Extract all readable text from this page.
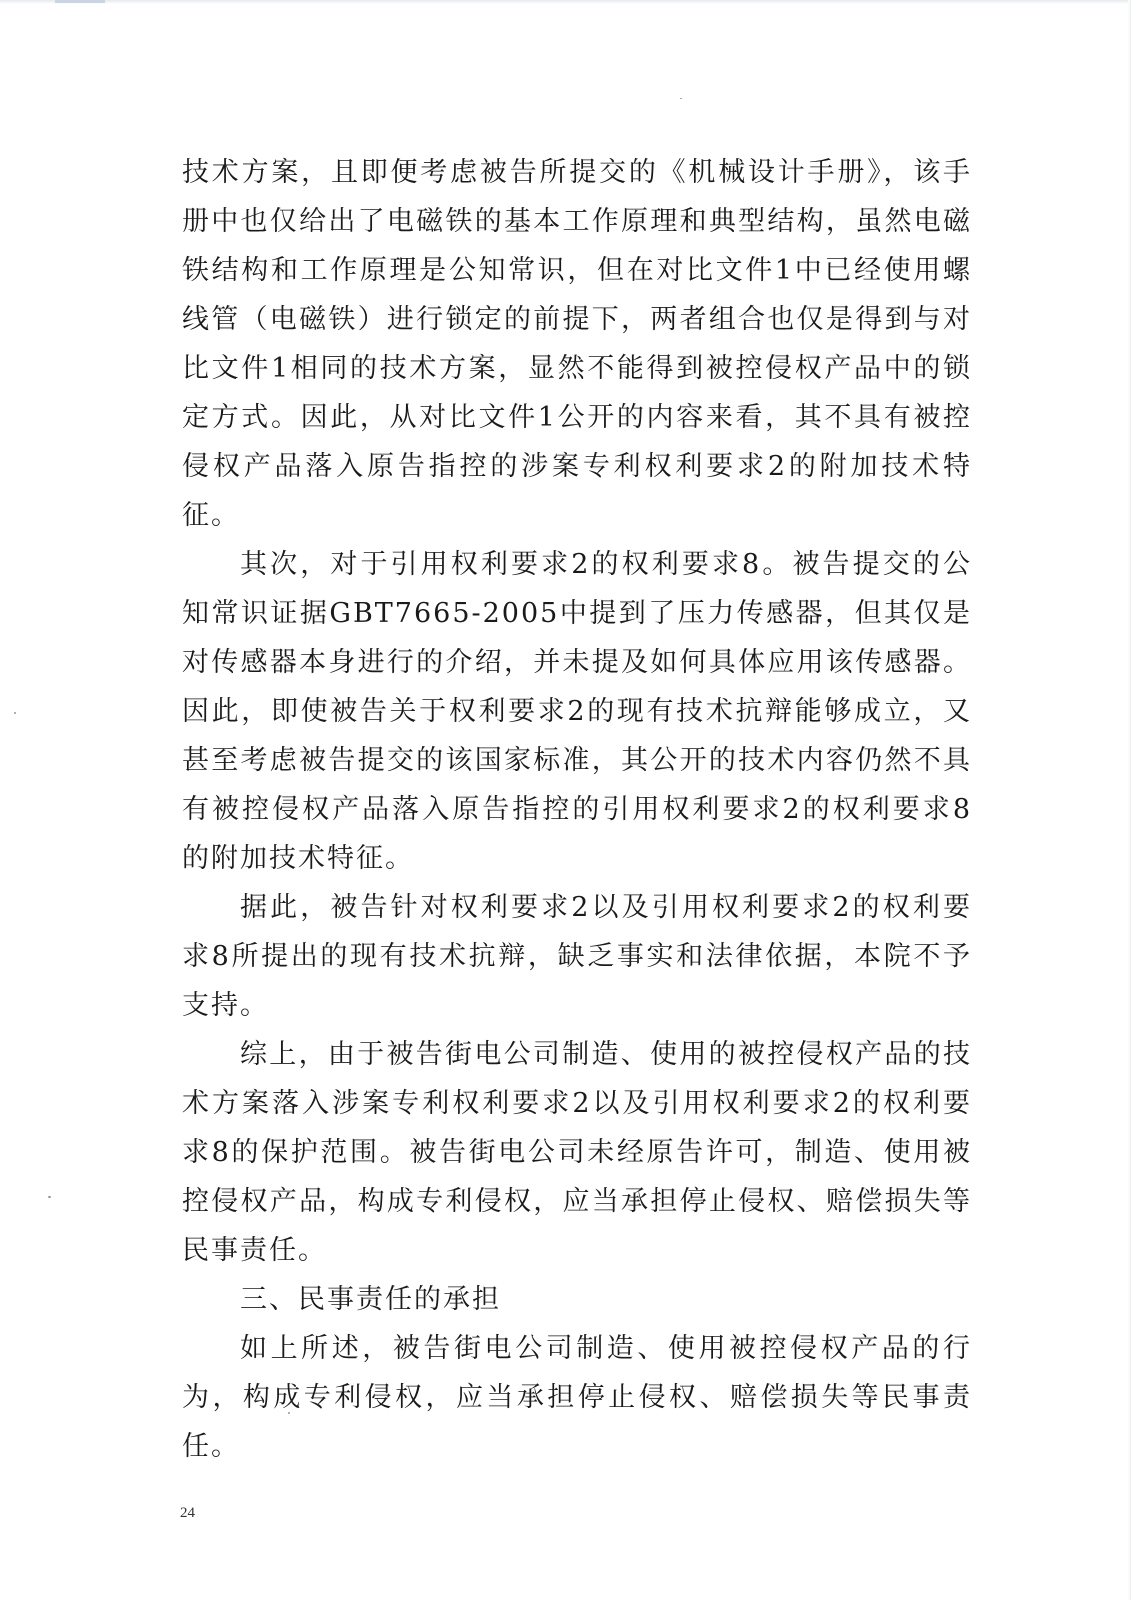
技术方案，且即便考虑被告所提交的《机械设计手册》，该手册中也仅给出了电磁铁的基本工作原理和典型结构，虽然电磁铁结构和工作原理是公知常识，但在对比文件1中已经使用螺线管（电磁铁）进行锁定的前提下，两者组合也仅是得到与对比文件1相同的技术方案，显然不能得到被控侵权产品中的锁定方式。因此，从对比文件1公开的内容来看，其不具有被控侵权产品落入原告指控的涉案专利权利要求2的附加技术特征。

其次，对于引用权利要求2的权利要求8。被告提交的公知常识证据GBT7665-2005中提到了压力传感器，但其仅是对传感器本身进行的介绍，并未提及如何具体应用该传感器。因此，即使被告关于权利要求2的现有技术抗辩能够成立，又甚至考虑被告提交的该国家标准，其公开的技术内容仍然不具有被控侵权产品落入原告指控的引用权利要求2的权利要求8的附加技术特征。

据此，被告针对权利要求2以及引用权利要求2的权利要求8所提出的现有技术抗辩，缺乏事实和法律依据，本院不予支持。

综上，由于被告街电公司制造、使用的被控侵权产品的技术方案落入涉案专利权利要求2以及引用权利要求2的权利要求8的保护范围。被告街电公司未经原告许可，制造、使用被控侵权产品，构成专利侵权，应当承担停止侵权、赔偿损失等民事责任。

三、民事责任的承担

如上所述，被告街电公司制造、使用被控侵权产品的行为，构成专利侵权，应当承担停止侵权、赔偿损失等民事责任。

24
